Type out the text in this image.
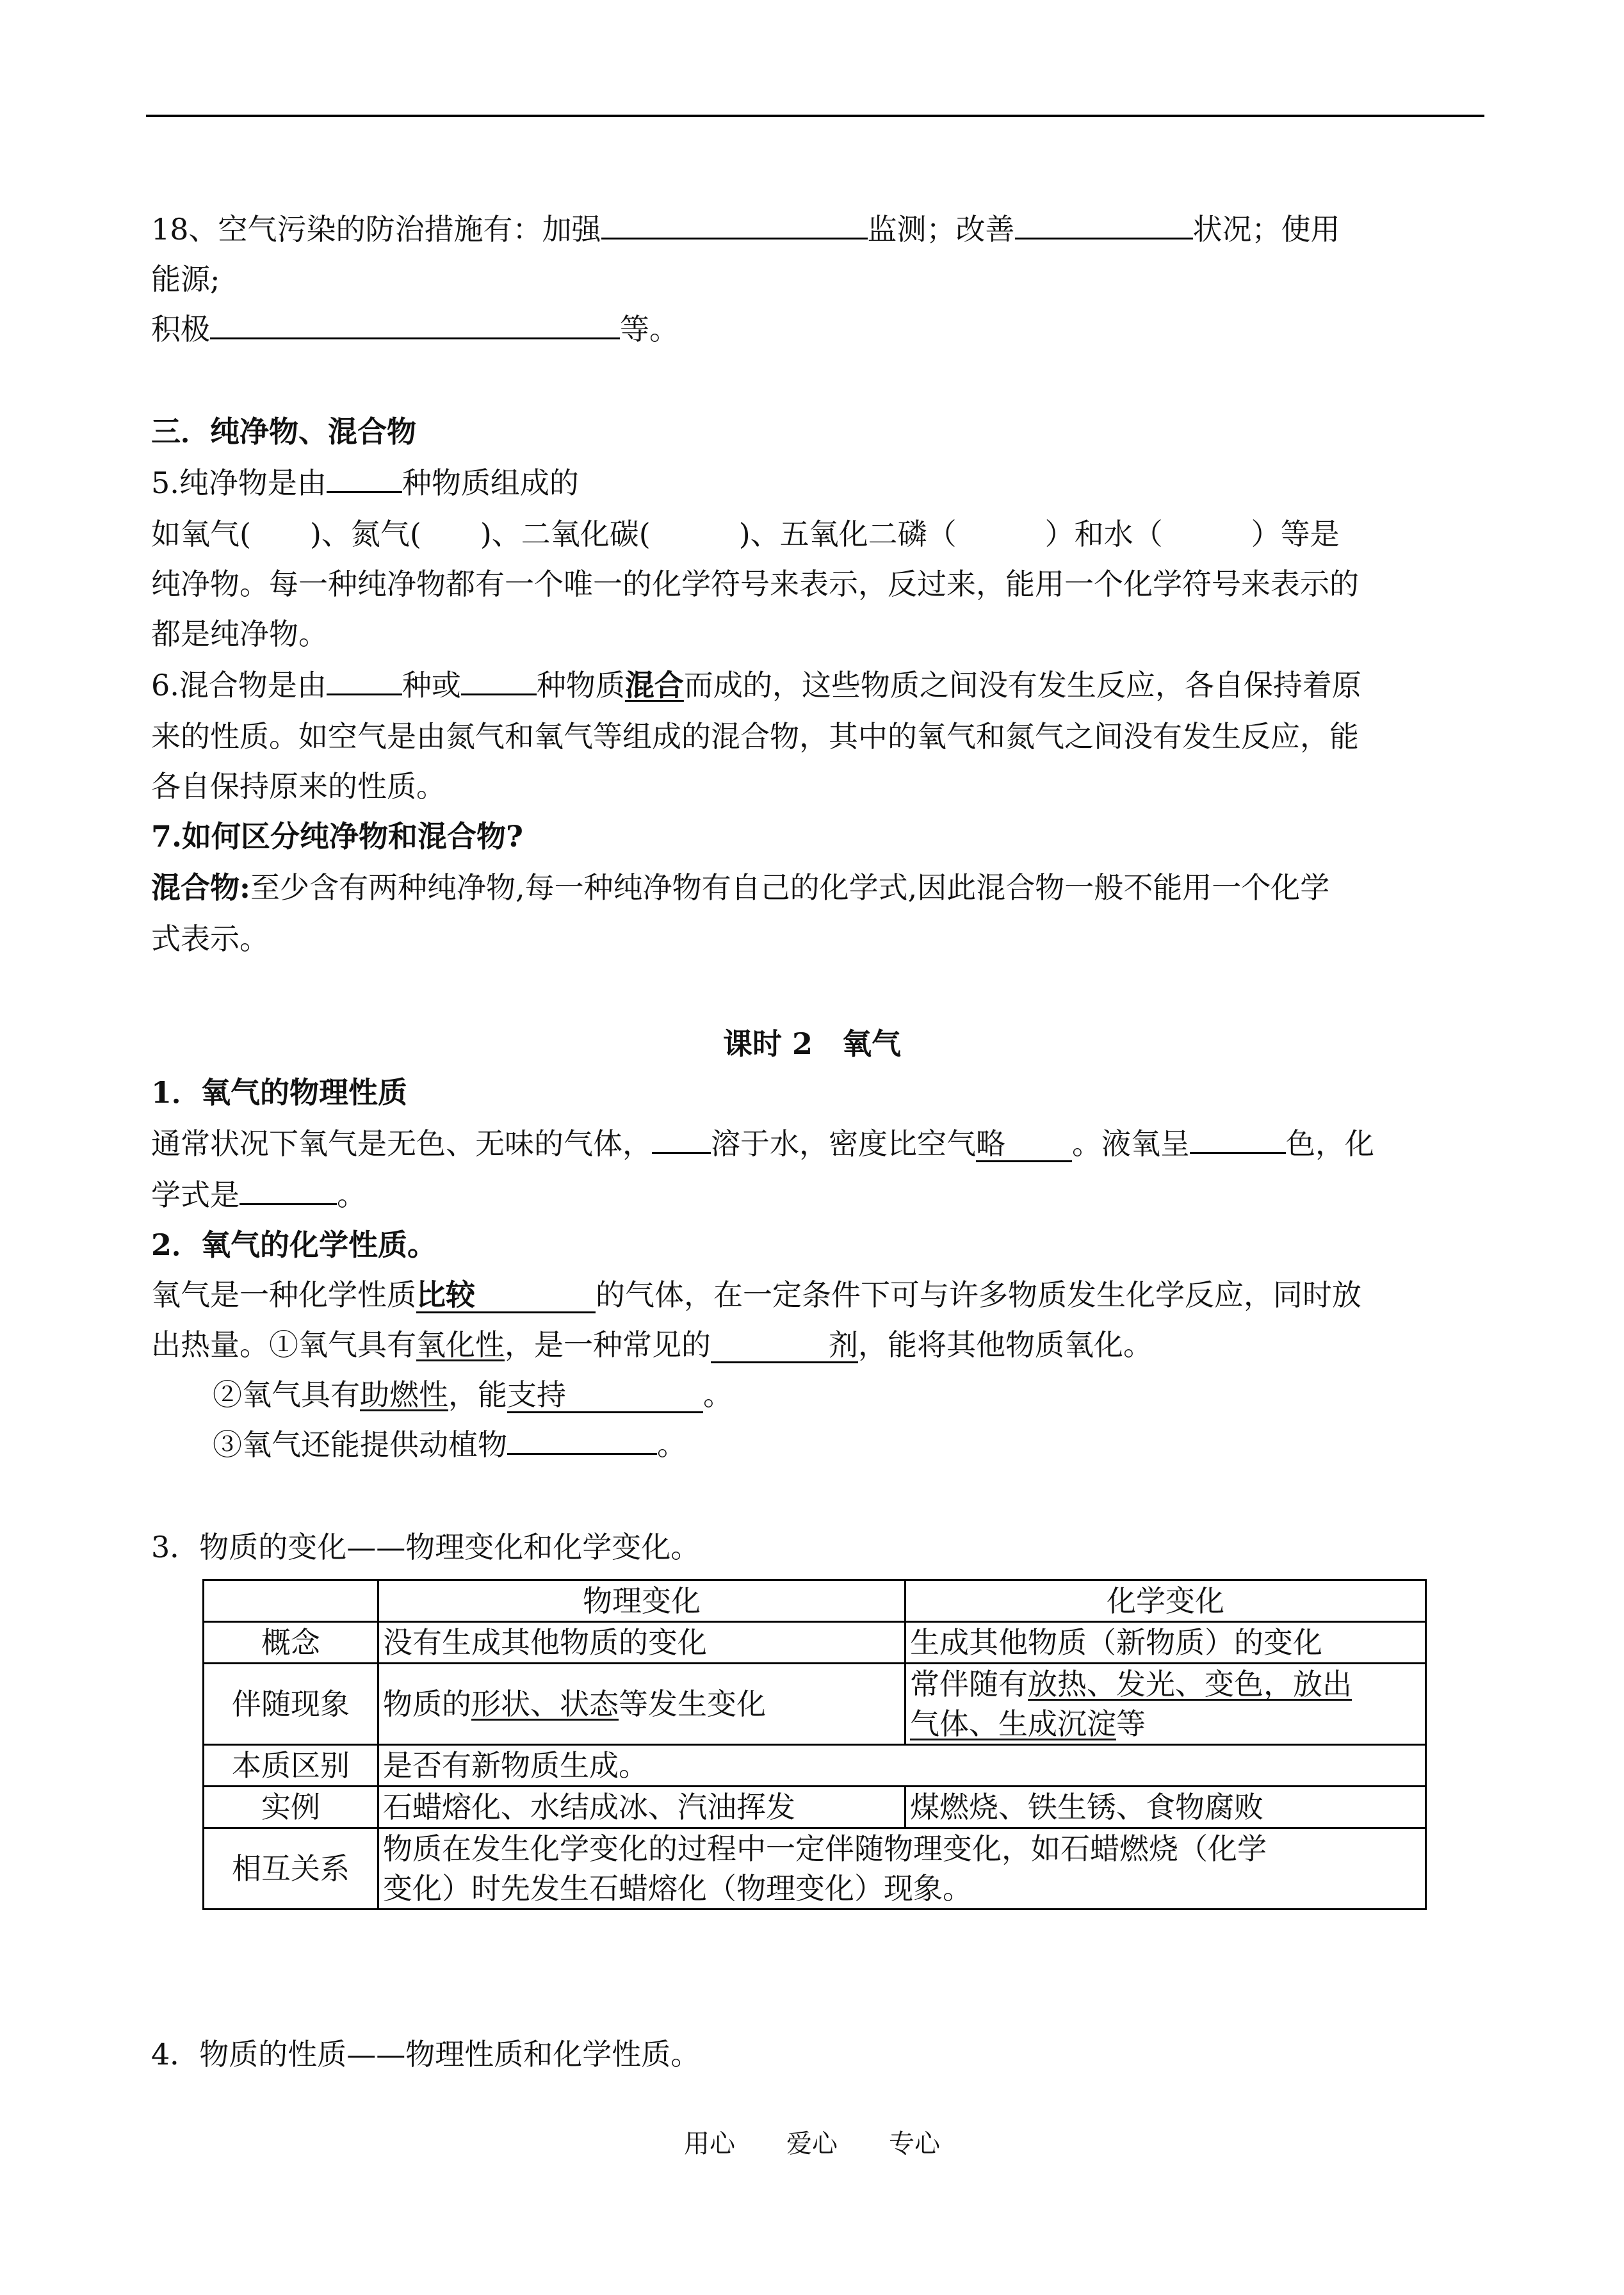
18、空气污染的防治措施有：加强	监测；改善	状况；使用
能源;
积极	等。
三．纯净物、混合物
5.纯净物是由	种物质组成的
如氧气(　　)、氮气(　　)、二氧化碳(　　　)、五氧化二磷（　　　）和水（　　　）等是
纯净物。每一种纯净物都有一个唯一的化学符号来表示，反过来，能用一个化学符号来表示的
都是纯净物。
6.混合物是由	种或	种物质混合而成的，这些物质之间没有发生反应，各自保持着原
来的性质。如空气是由氮气和氧气等组成的混合物，其中的氧气和氮气之间没有发生反应，能
各自保持原来的性质。
7.如何区分纯净物和混合物?
混合物:至少含有两种纯净物,每一种纯净物有自己的化学式,因此混合物一般不能用一个化学
式表示。
课时 2　氧气
1．氧气的物理性质
通常状况下氧气是无色、无味的气体， 溶于水，密度比空气略 。液氧呈	色，化
学式是	。
2．氧气的化学性质。
氧气是一种化学性质比较	的气体，在一定条件下可与许多物质发生化学反应，同时放
出热量。①氧气具有氧化性，是一种常见的	剂，能将其他物质氧化。
②氧气具有助燃性，能支持	。
③氧气还能提供动植物	。
3．物质的变化——物理变化和化学变化。
	物理变化	化学变化
概念	没有生成其他物质的变化	生成其他物质（新物质）的变化
伴随现象	物质的形状、状态等发生变化	常伴随有放热、发光、变色，放出
气体、生成沉淀等
本质区别	是否有新物质生成。	
实例	石蜡熔化、水结成冰、汽油挥发	煤燃烧、铁生锈、食物腐败
相互关系	物质在发生化学变化的过程中一定伴随物理变化，如石蜡燃烧（化学
变化）时先发生石蜡熔化（物理变化）现象。	
4．物质的性质——物理性质和化学性质。
用心 爱心 专心
